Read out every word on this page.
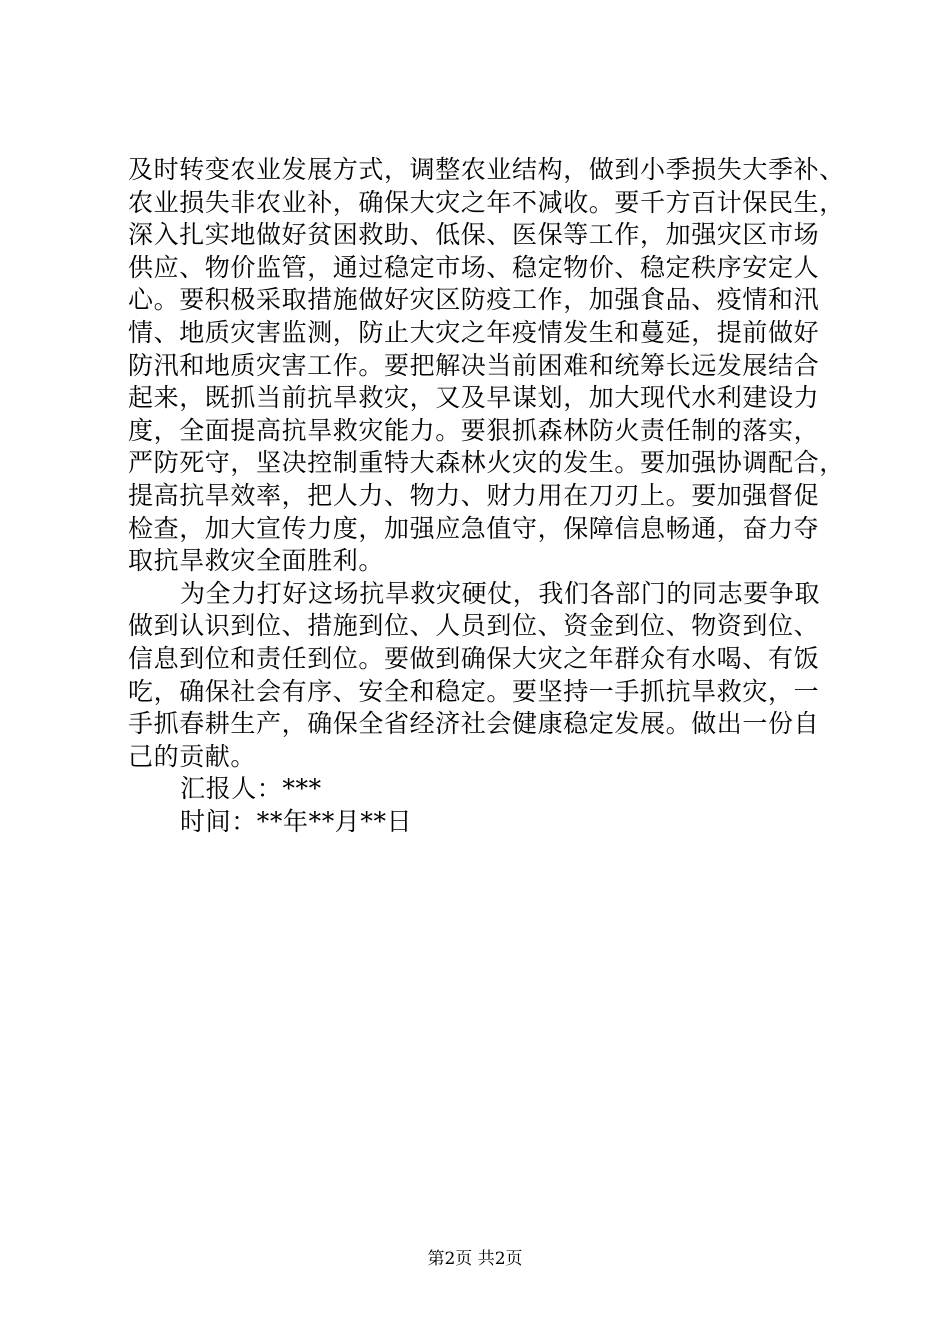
及时转变农业发展方式，调整农业结构，做到小季损失大季补、
农业损失非农业补，确保大灾之年不减收。要千方百计保民生，
深入扎实地做好贫困救助、低保、医保等工作，加强灾区市场
供应、物价监管，通过稳定市场、稳定物价、稳定秩序安定人
心。要积极采取措施做好灾区防疫工作，加强食品、疫情和汛
情、地质灾害监测，防止大灾之年疫情发生和蔓延，提前做好
防汛和地质灾害工作。要把解决当前困难和统筹长远发展结合
起来，既抓当前抗旱救灾，又及早谋划，加大现代水利建设力
度，全面提高抗旱救灾能力。要狠抓森林防火责任制的落实，
严防死守，坚决控制重特大森林火灾的发生。要加强协调配合，
提高抗旱效率，把人力、物力、财力用在刀刃上。要加强督促
检查，加大宣传力度，加强应急值守，保障信息畅通，奋力夺
取抗旱救灾全面胜利。
为全力打好这场抗旱救灾硬仗，我们各部门的同志要争取
做到认识到位、措施到位、人员到位、资金到位、物资到位、
信息到位和责任到位。要做到确保大灾之年群众有水喝、有饭
吃，确保社会有序、安全和稳定。要坚持一手抓抗旱救灾，一
手抓春耕生产，确保全省经济社会健康稳定发展。做出一份自
己的贡献。
汇报人：***
时间：**年**月**日
第2页 共2页
